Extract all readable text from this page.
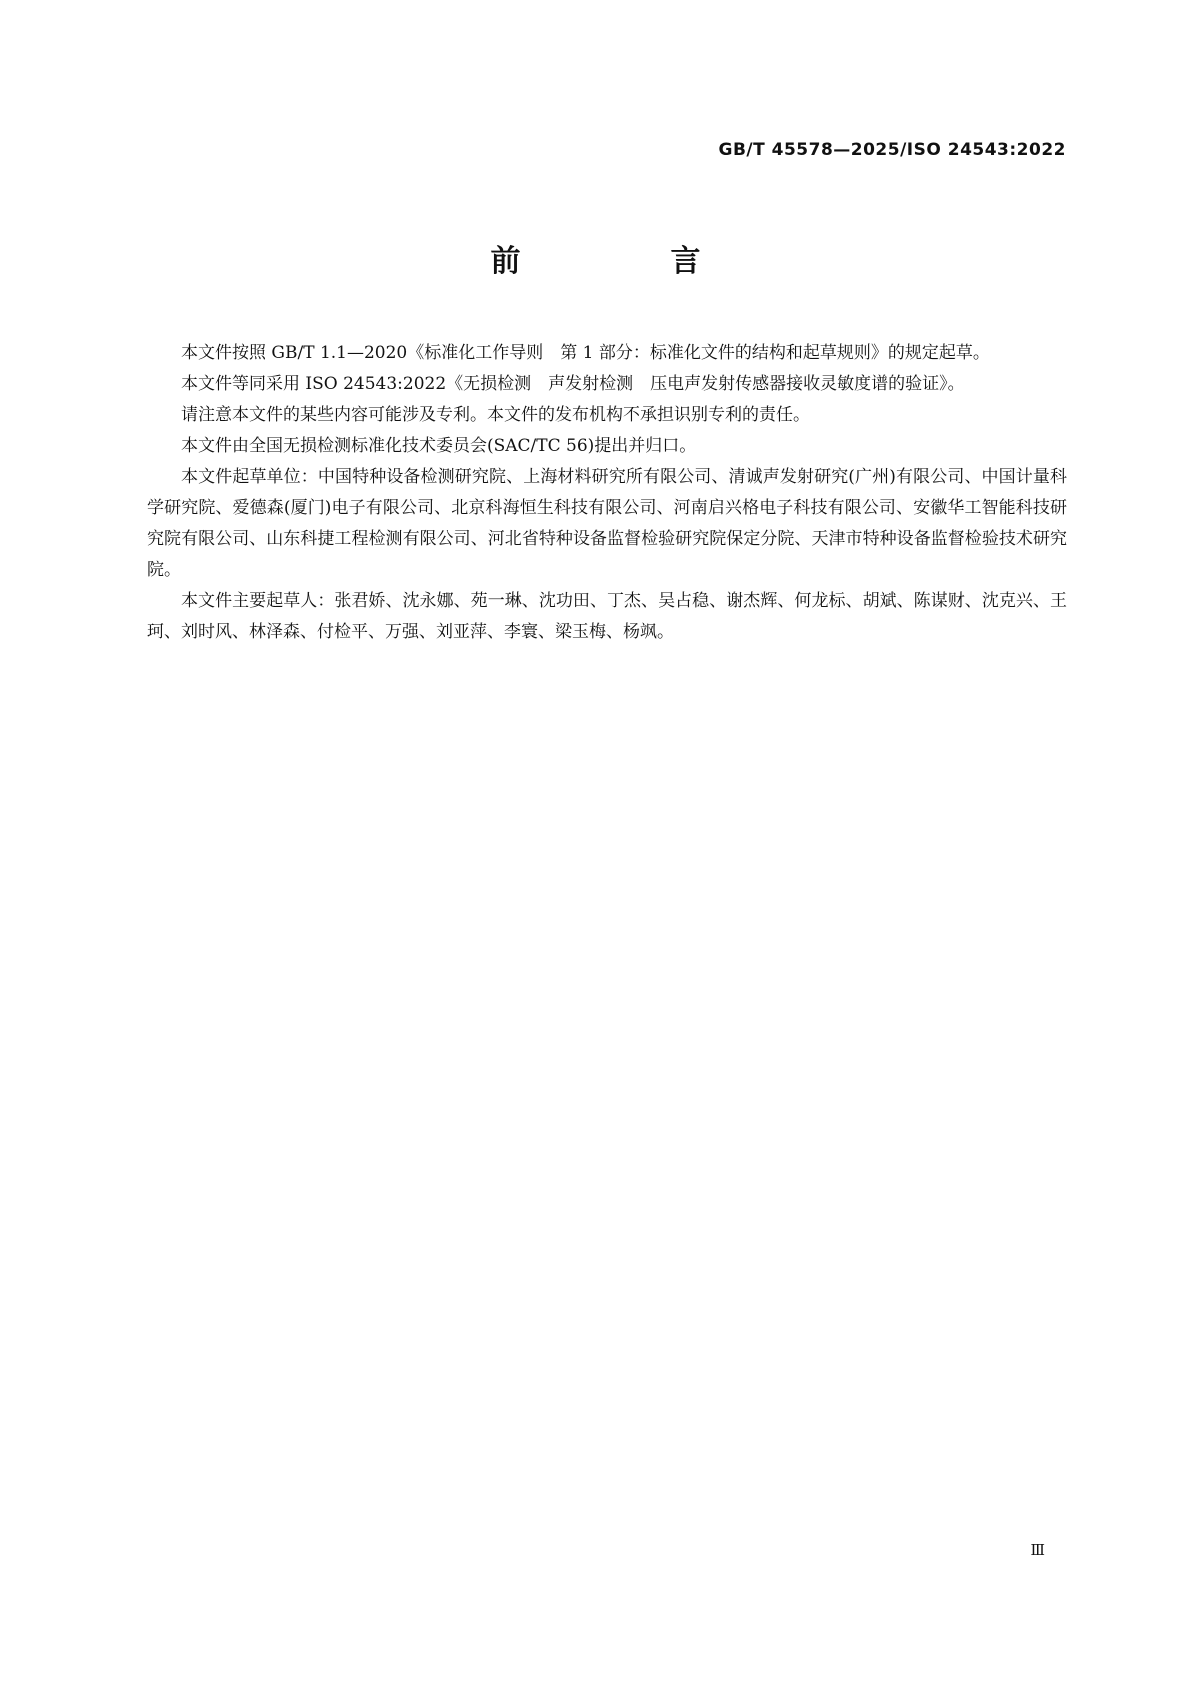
GB/T 45578—2025/ISO 24543:2022
前　言

本文件按照 GB/T 1.1—2020《标准化工作导则　第 1 部分：标准化文件的结构和起草规则》的规定起草。

本文件等同采用 ISO 24543:2022《无损检测　声发射检测　压电声发射传感器接收灵敏度谱的验证》。

请注意本文件的某些内容可能涉及专利。本文件的发布机构不承担识别专利的责任。

本文件由全国无损检测标准化技术委员会(SAC/TC 56)提出并归口。

本文件起草单位：中国特种设备检测研究院、上海材料研究所有限公司、清诚声发射研究(广州)有限公司、中国计量科学研究院、爱德森(厦门)电子有限公司、北京科海恒生科技有限公司、河南启兴格电子科技有限公司、安徽华工智能科技研究院有限公司、山东科捷工程检测有限公司、河北省特种设备监督检验研究院保定分院、天津市特种设备监督检验技术研究院。

本文件主要起草人：张君娇、沈永娜、苑一琳、沈功田、丁杰、吴占稳、谢杰辉、何龙标、胡斌、陈谋财、沈克兴、王珂、刘时风、林泽森、付检平、万强、刘亚萍、李寰、梁玉梅、杨飒。

Ⅲ
